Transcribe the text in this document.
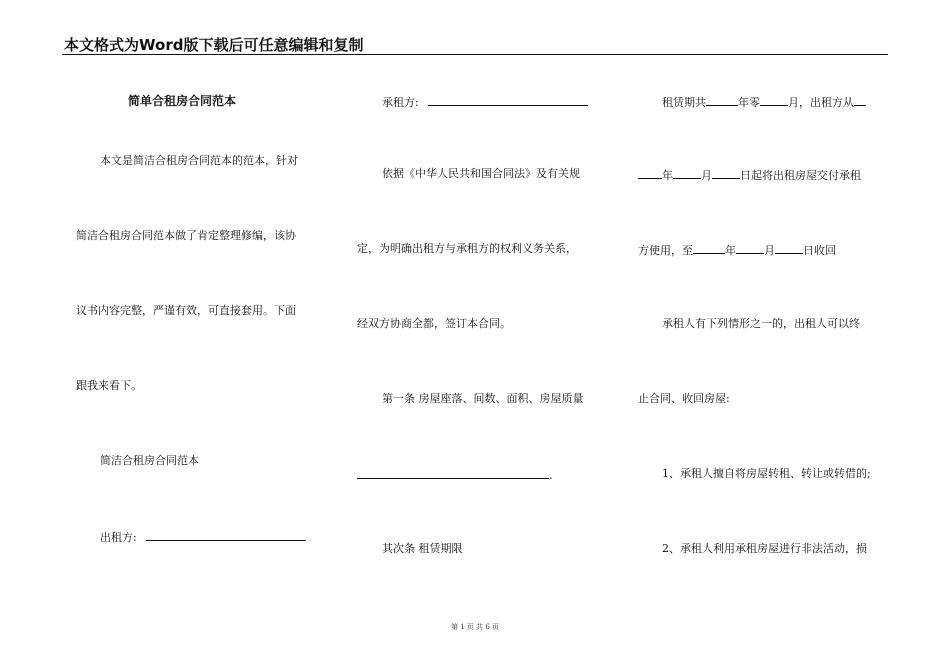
本文格式为Word版下载后可任意编辑和复制
简单合租房合同范本
本文是简洁合租房合同范本的范本，针对
简洁合租房合同范本做了肯定整理修编，该协
议书内容完整，严谨有效，可直接套用。下面
跟我来看下。
简洁合租房合同范本
出租方:
承租方:
依据《中华人民共和国合同法》及有关规
定，为明确出租方与承租方的权利义务关系，
经双方协商全都，签订本合同。
第一条 房屋座落、间数、面积、房屋质量
.
其次条 租赁期限
租赁期共	年零	月，出租方从
年	月	日起将出租房屋交付承租
方使用，至	年	月	日收回
承租人有下列情形之一的，出租人可以终
止合同、收回房屋:
1、承租人擅自将房屋转租、转让或转借的;
2、承租人利用承租房屋进行非法活动，损
第 1 页 共 6 页
